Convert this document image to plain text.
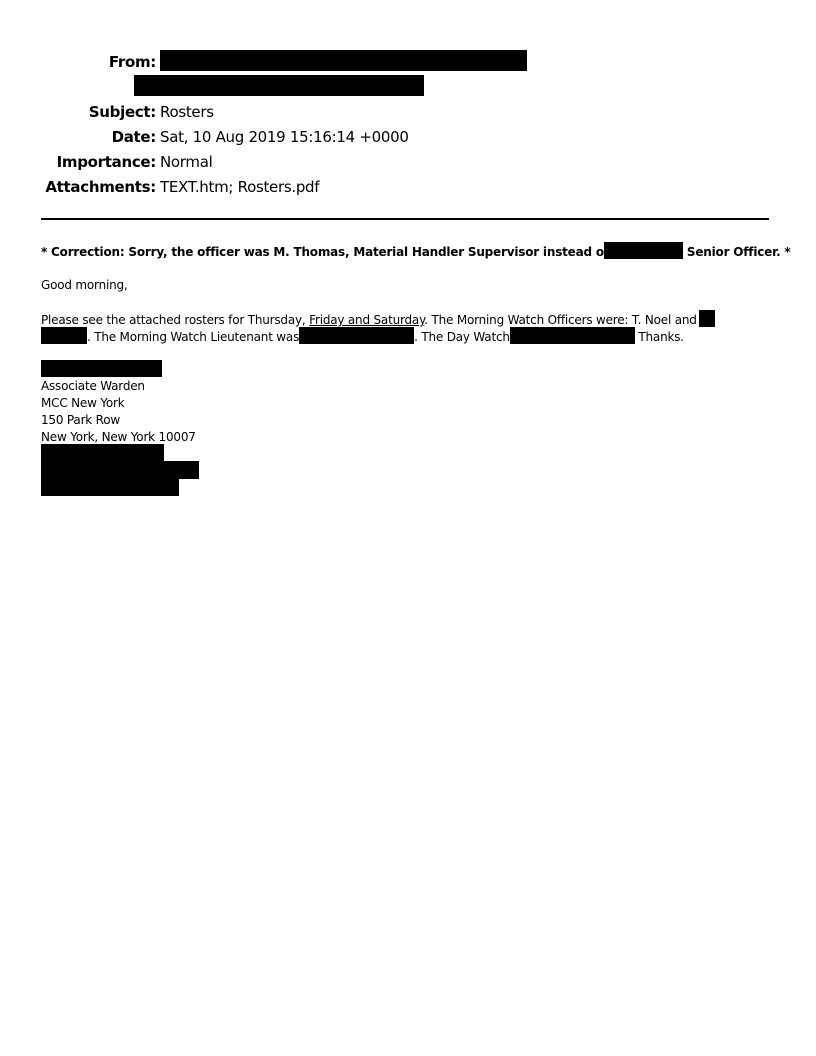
From:
Subject: Rosters
Date: Sat, 10 Aug 2019 15:16:14 +0000
Importance: Normal
Attachments: TEXT.htm; Rosters.pdf
* Correction: Sorry, the officer was M. Thomas, Material Handler Supervisor instead o	Senior Officer. *
Good morning,
Please see the attached rosters for Thursday, Friday and Saturday. The Morning Watch Officers were: T. Noel and
. The Morning Watch Lieutenant was	. The Day Watch	Thanks.
Associate Warden
MCC New York
150 Park Row
New York, New York 10007
